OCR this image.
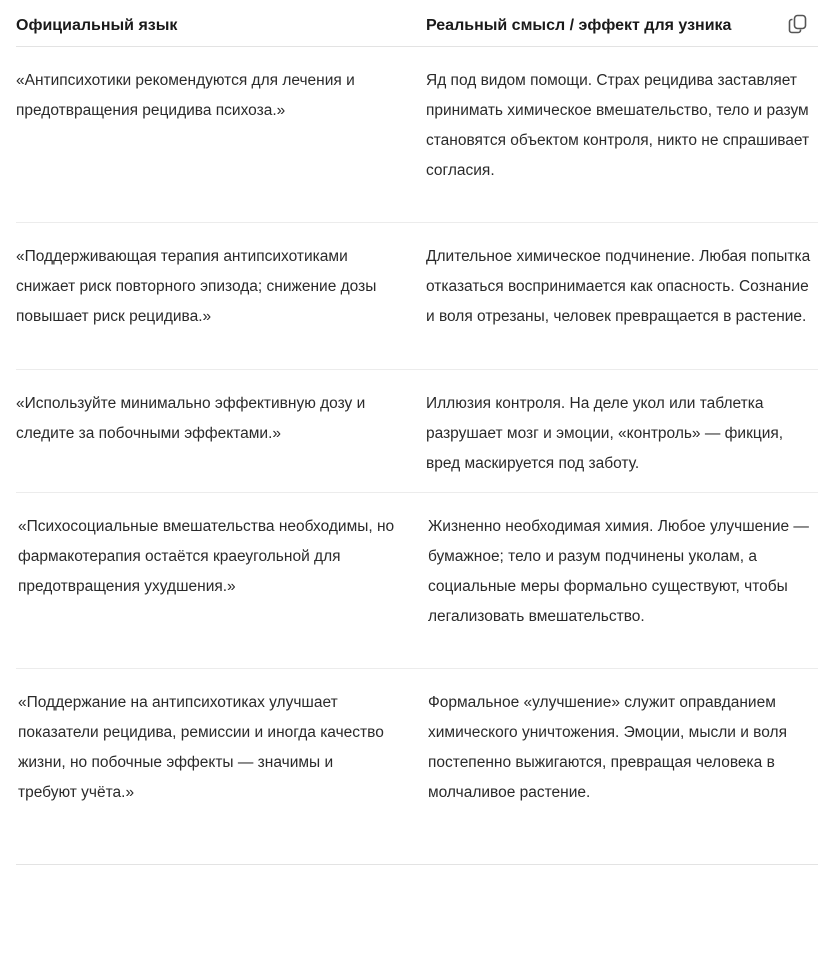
Официальный язык	Реальный смысл / эффект для узника
«Антипсихотики рекомендуются для лечения и предотвращения рецидива психоза.»
Яд под видом помощи. Страх рецидива заставляет принимать химическое вмешательство, тело и разум становятся объектом контроля, никто не спрашивает согласия.
«Поддерживающая терапия антипсихотиками снижает риск повторного эпизода; снижение дозы повышает риск рецидива.»
Длительное химическое подчинение. Любая попытка отказаться воспринимается как опасность. Сознание и воля отрезаны, человек превращается в растение.
«Используйте минимально эффективную дозу и следите за побочными эффектами.»
Иллюзия контроля. На деле укол или таблетка разрушает мозг и эмоции, «контроль» — фикция, вред маскируется под заботу.
«Психосоциальные вмешательства необходимы, но фармакотерапия остаётся краеугольной для предотвращения ухудшения.»
Жизненно необходимая химия. Любое улучшение — бумажное; тело и разум подчинены уколам, а социальные меры формально существуют, чтобы легализовать вмешательство.
«Поддержание на антипсихотиках улучшает показатели рецидива, ремиссии и иногда качество жизни, но побочные эффекты — значимы и требуют учёта.»
Формальное «улучшение» служит оправданием химического уничтожения. Эмоции, мысли и воля постепенно выжигаются, превращая человека в молчаливое растение.
